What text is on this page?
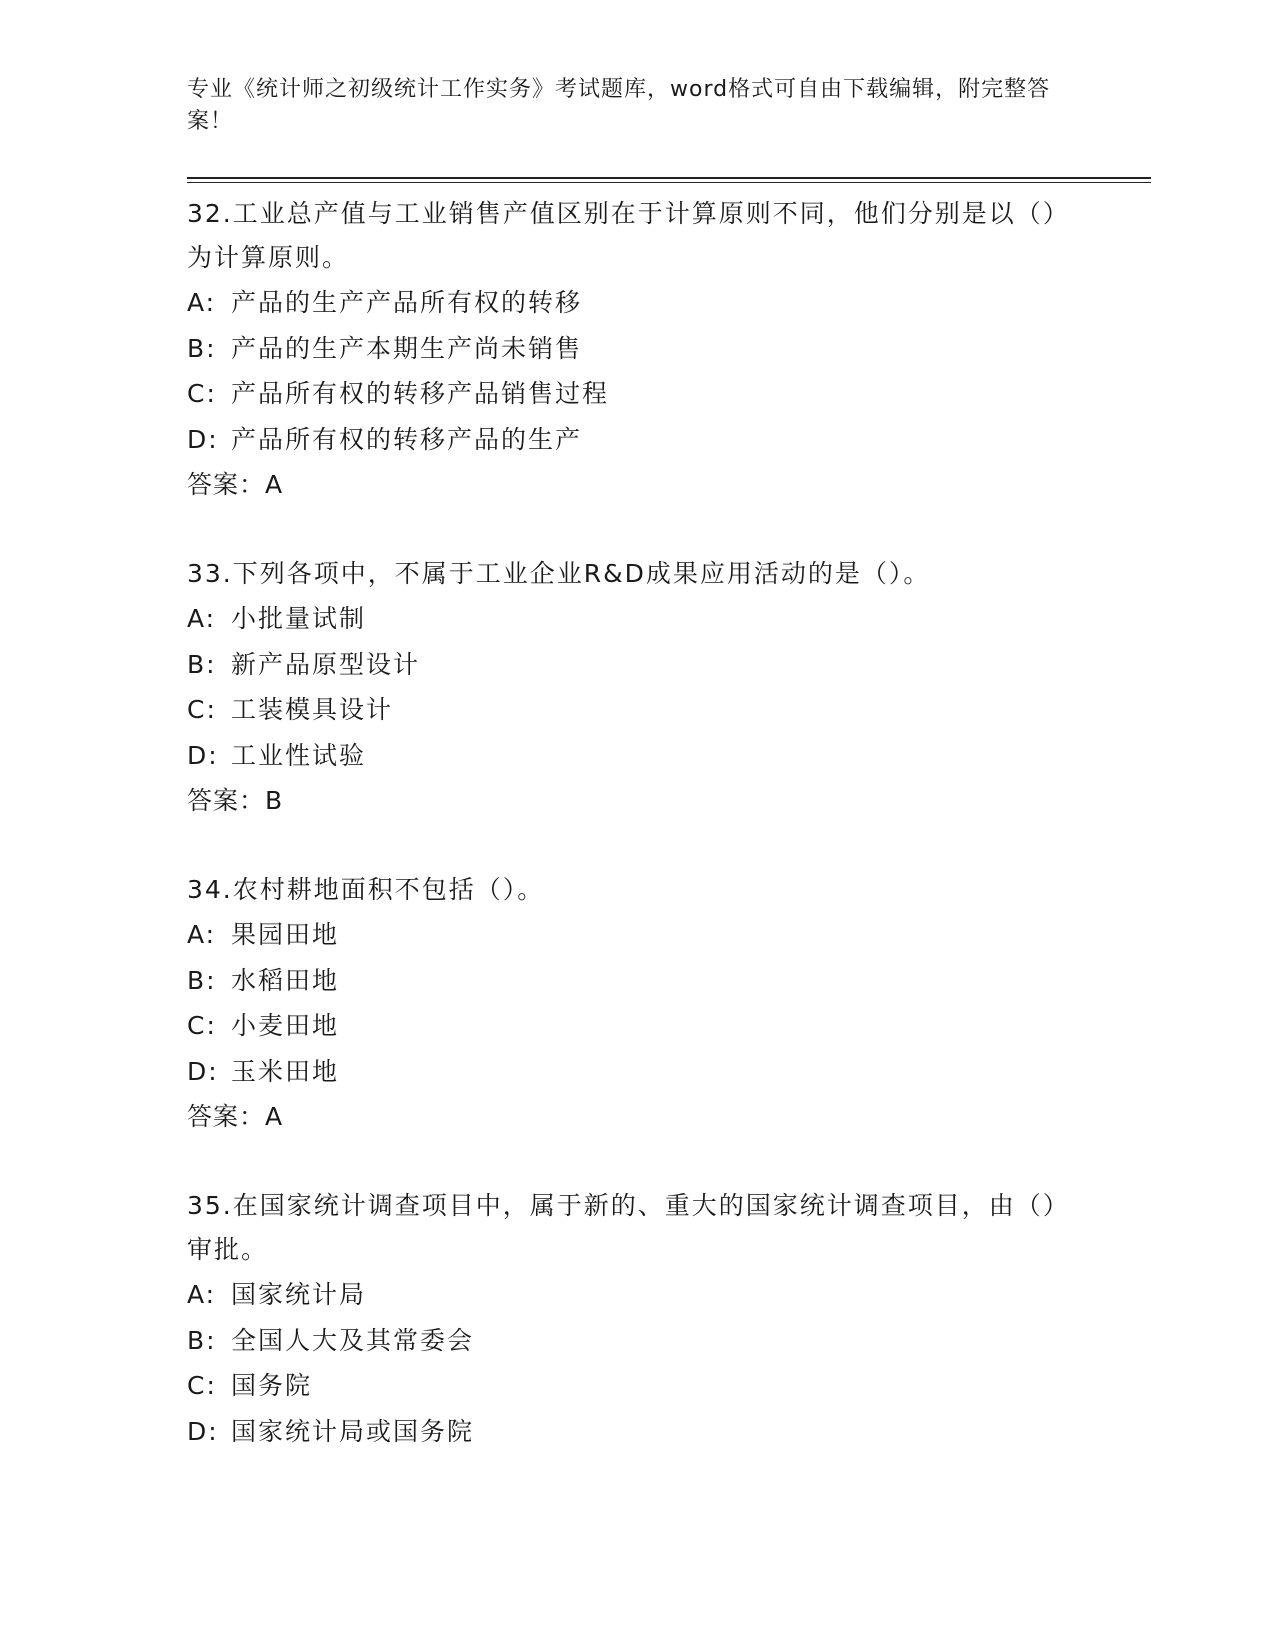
专业《统计师之初级统计工作实务》考试题库，word格式可自由下载编辑，附完整答案！

32.工业总产值与工业销售产值区别在于计算原则不同，他们分别是以（）为计算原则。

A: 产品的生产产品所有权的转移

B: 产品的生产本期生产尚未销售

C: 产品所有权的转移产品销售过程

D: 产品所有权的转移产品的生产

答案：A

33.下列各项中，不属于工业企业R&D成果应用活动的是（）。

A: 小批量试制

B: 新产品原型设计

C: 工装模具设计

D: 工业性试验

答案：B

34.农村耕地面积不包括（）。

A: 果园田地

B: 水稻田地

C: 小麦田地

D: 玉米田地

答案：A

35.在国家统计调查项目中，属于新的、重大的国家统计调查项目，由（）审批。

A: 国家统计局

B: 全国人大及其常委会

C: 国务院

D: 国家统计局或国务院
